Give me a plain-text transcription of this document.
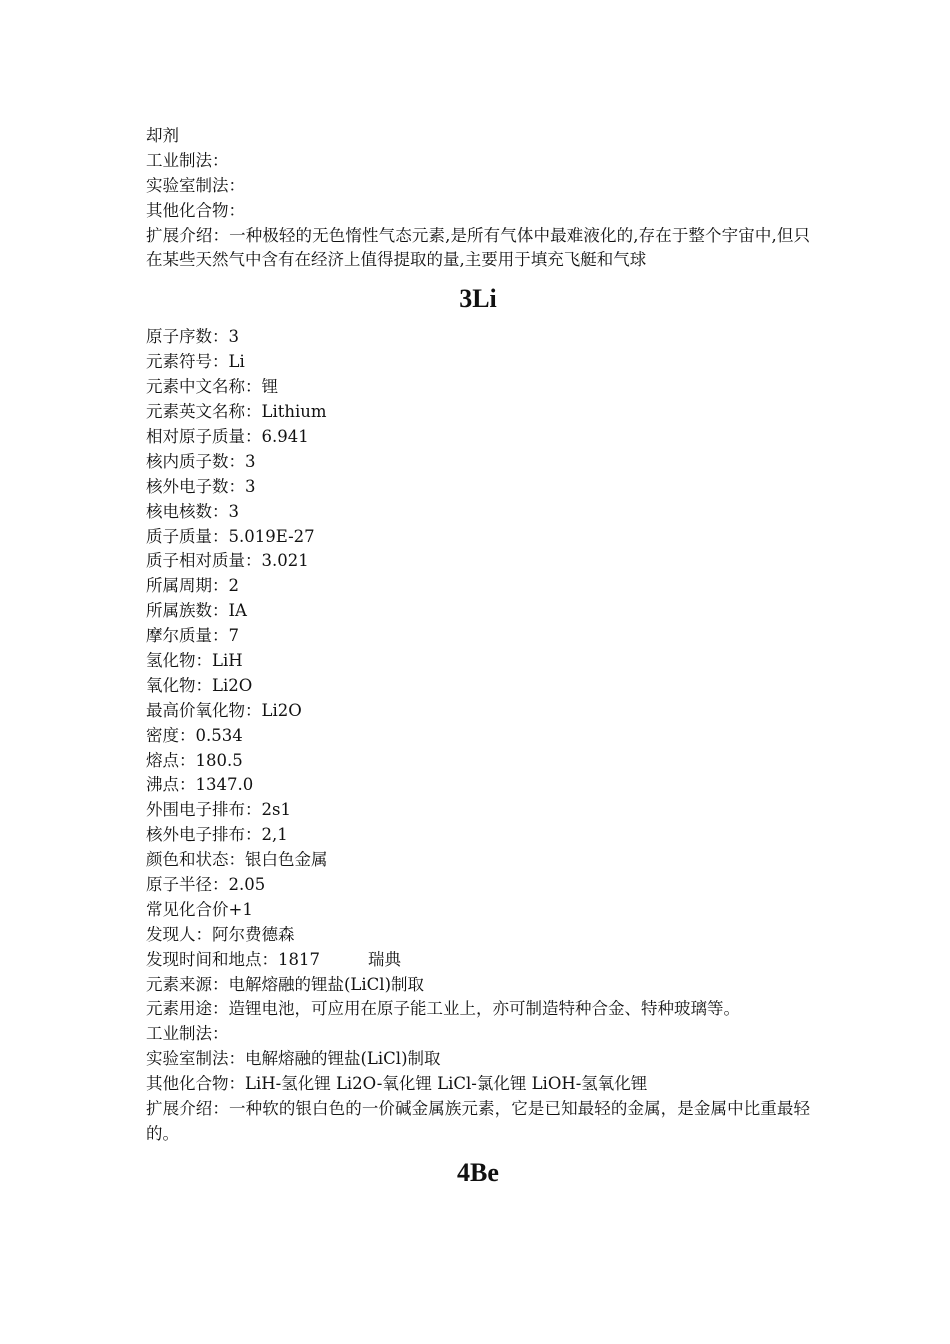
却剂
工业制法：
实验室制法：
其他化合物：
扩展介绍：一种极轻的无色惰性气态元素,是所有气体中最难液化的,存在于整个宇宙中,但只在某些天然气中含有在经济上值得提取的量,主要用于填充飞艇和气球
3Li
原子序数：3
元素符号：Li
元素中文名称：锂
元素英文名称：Lithium
相对原子质量：6.941
核内质子数：3
核外电子数：3
核电核数：3
质子质量：5.019E-27
质子相对质量：3.021
所属周期：2
所属族数：IA
摩尔质量：7
氢化物：LiH
氧化物：Li2O
最高价氧化物：Li2O
密度：0.534
熔点：180.5
沸点：1347.0
外围电子排布：2s1
核外电子排布：2,1
颜色和状态：银白色金属
原子半径：2.05
常见化合价+1
发现人：阿尔费德森
发现时间和地点：1817	瑞典
元素来源：电解熔融的锂盐(LiCl)制取
元素用途：造锂电池，可应用在原子能工业上，亦可制造特种合金、特种玻璃等。
工业制法：
实验室制法：电解熔融的锂盐(LiCl)制取
其他化合物：LiH-氢化锂 Li2O-氧化锂 LiCl-氯化锂 LiOH-氢氧化锂
扩展介绍：一种软的银白色的一价碱金属族元素，它是已知最轻的金属，是金属中比重最轻的。
4Be
